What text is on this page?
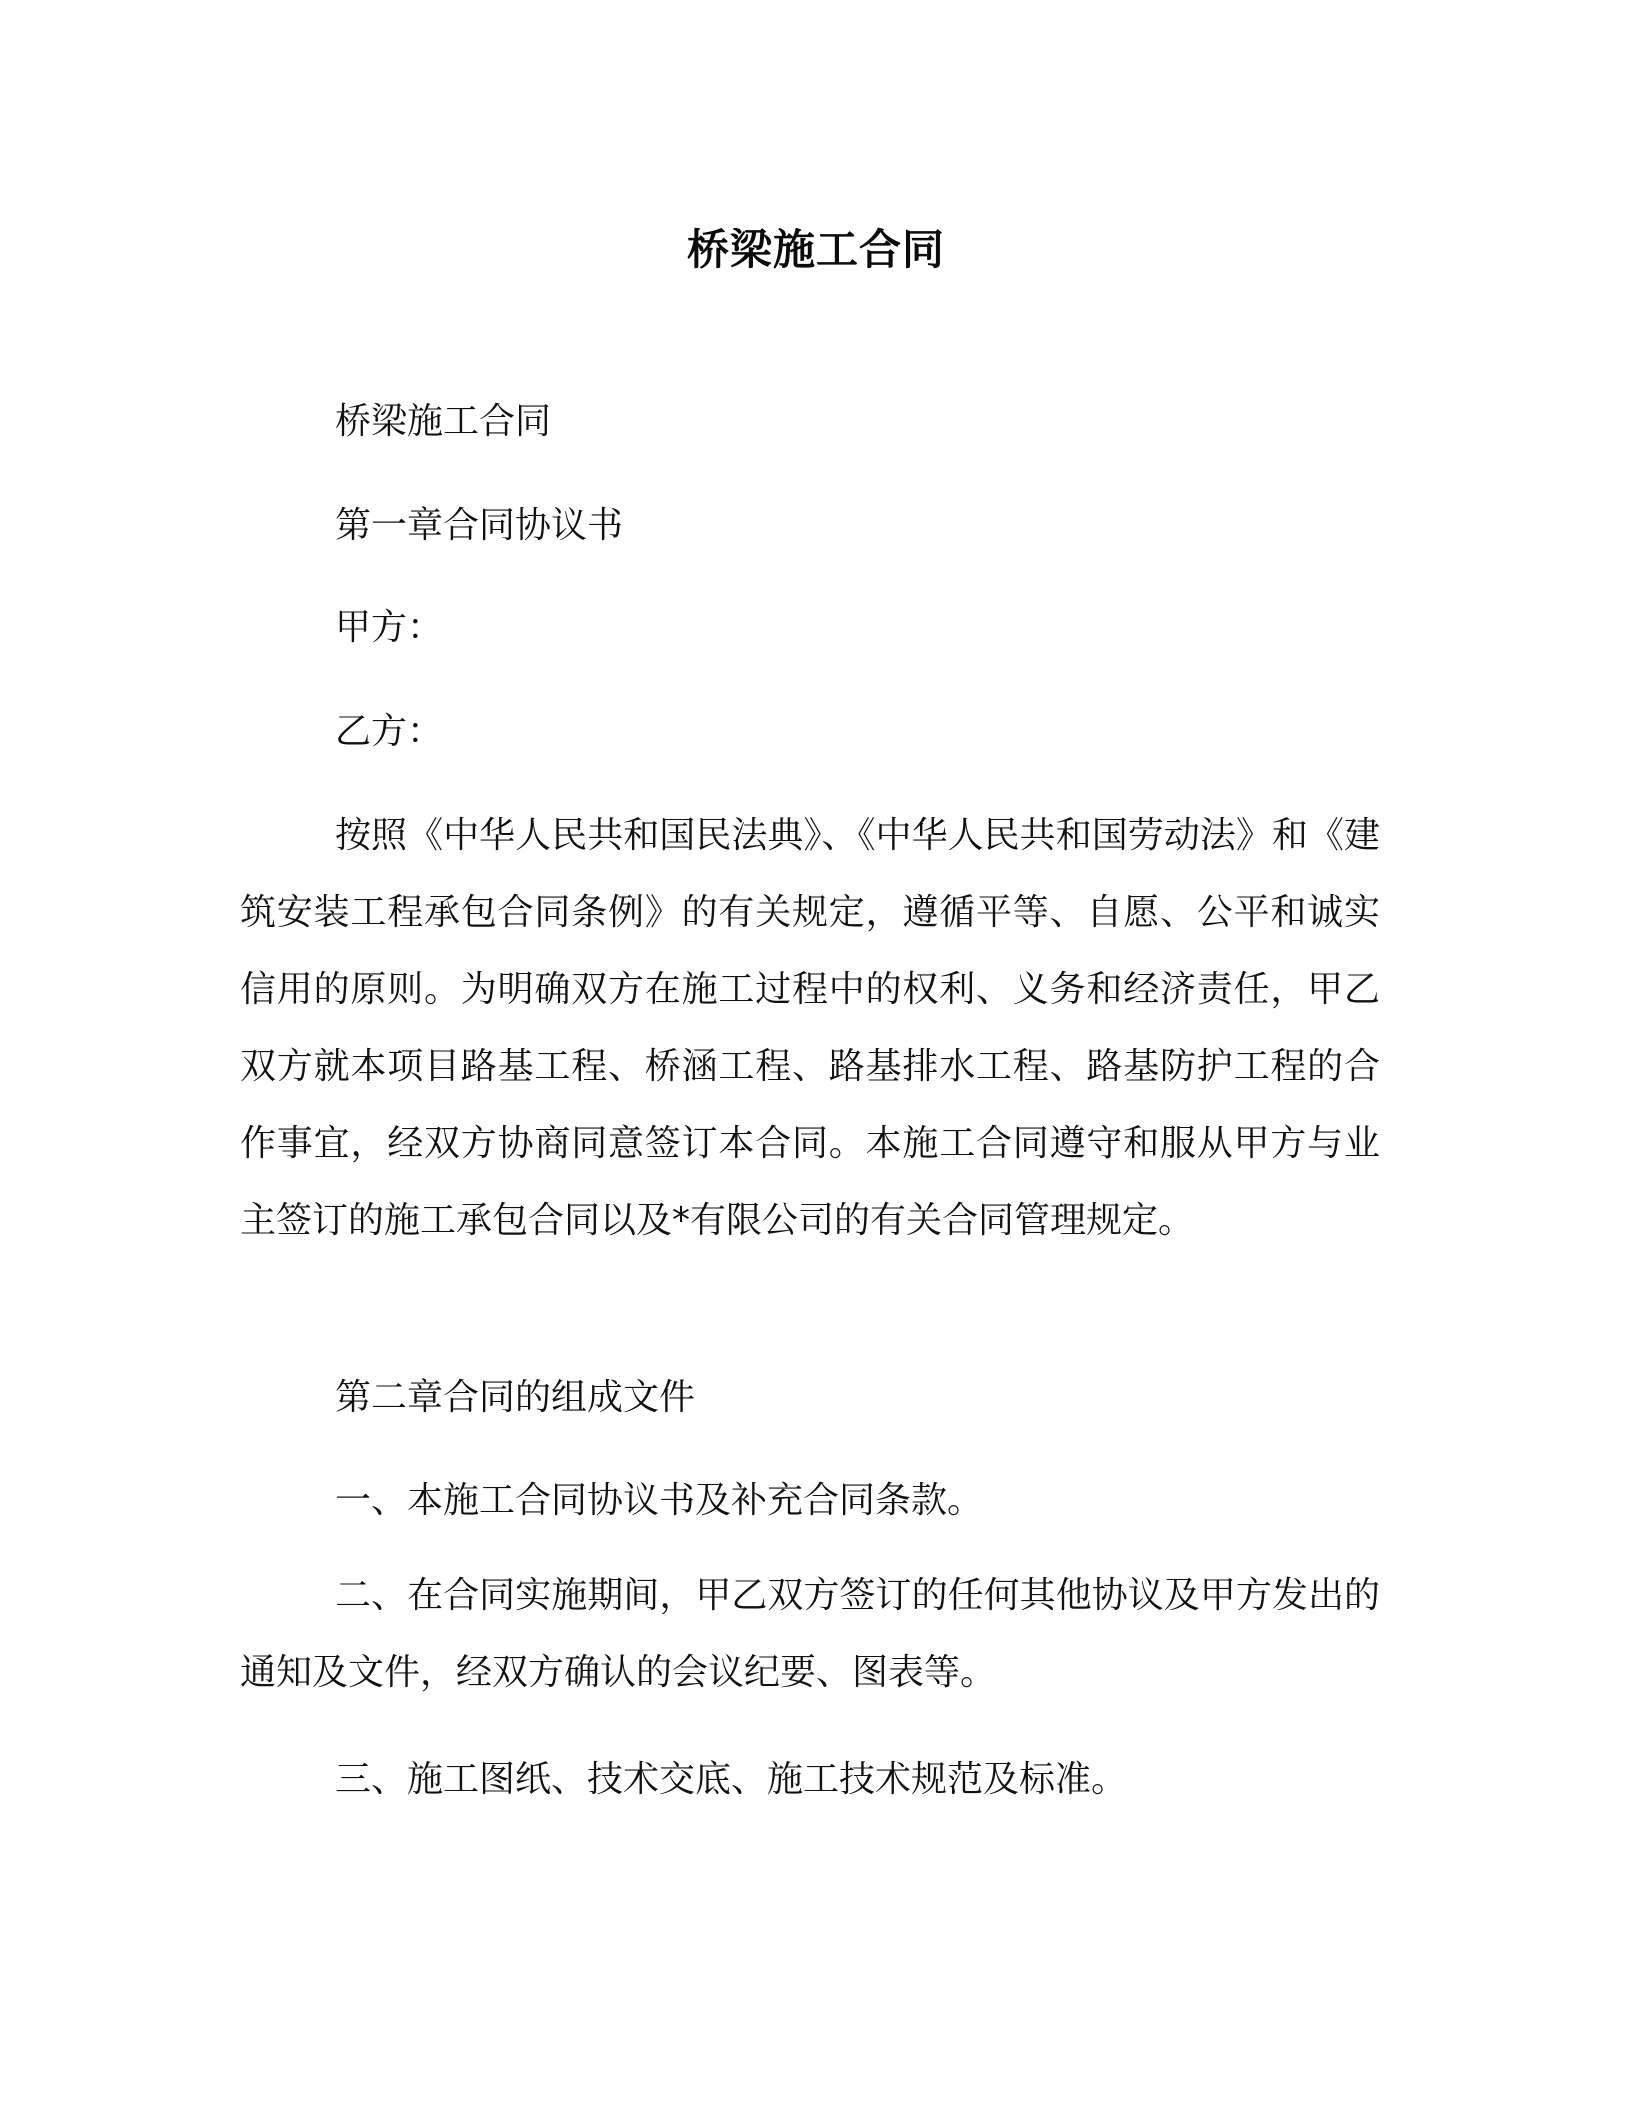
桥梁施工合同
桥梁施工合同
第一章合同协议书
甲方：
乙方：
按照《中华人民共和国民法典》、《中华人民共和国劳动法》和《建筑安装工程承包合同条例》的有关规定，遵循平等、自愿、公平和诚实信用的原则。为明确双方在施工过程中的权利、义务和经济责任，甲乙双方就本项目路基工程、桥涵工程、路基排水工程、路基防护工程的合作事宜，经双方协商同意签订本合同。本施工合同遵守和服从甲方与业主签订的施工承包合同以及*有限公司的有关合同管理规定。
第二章合同的组成文件
一、本施工合同协议书及补充合同条款。
二、在合同实施期间，甲乙双方签订的任何其他协议及甲方发出的通知及文件，经双方确认的会议纪要、图表等。
三、施工图纸、技术交底、施工技术规范及标准。
